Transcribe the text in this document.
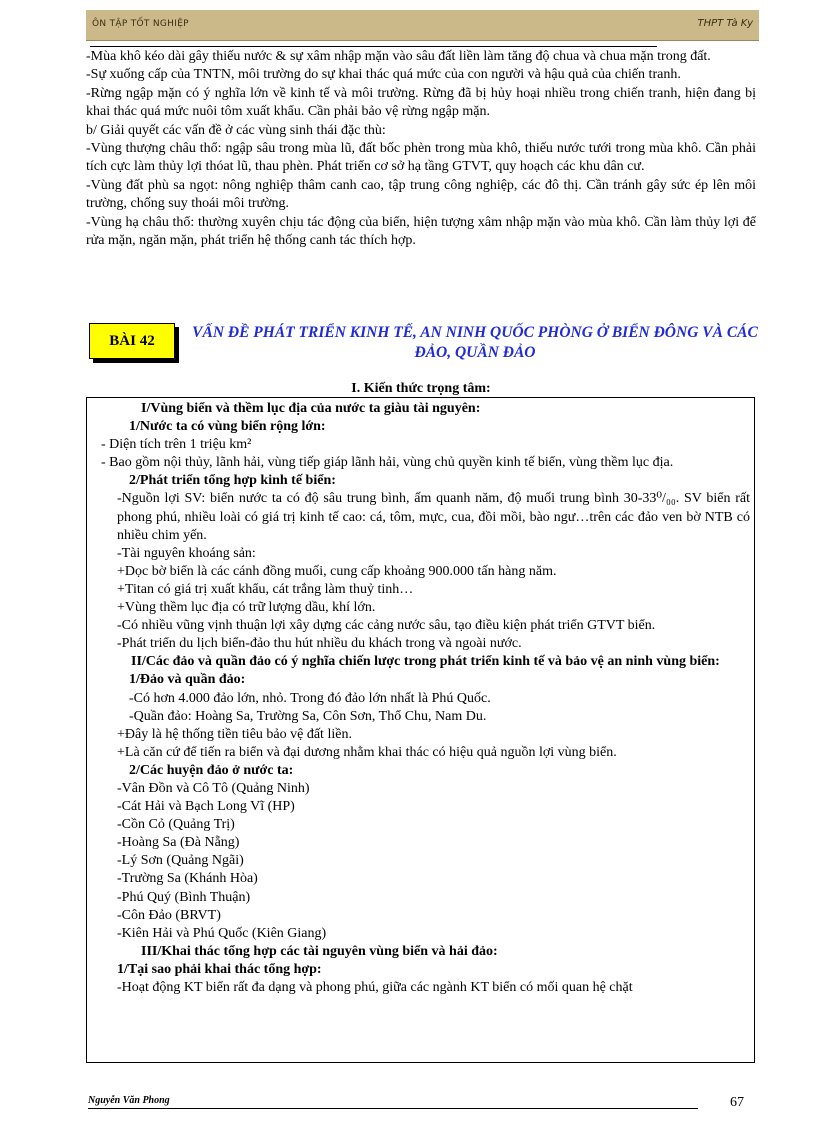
ÔN TẬP TỐT NGHIỆP	THPT Tà Ky

-Mùa khô kéo dài gây thiếu nước & sự xâm nhập mặn vào sâu đất liền làm tăng độ chua và chua mặn trong đất.

-Sự xuống cấp của TNTN, môi trường do sự khai thác quá mức của con người và hậu quả của chiến tranh.

-Rừng ngập mặn có ý nghĩa lớn về kinh tế và môi trường. Rừng đã bị hủy hoại nhiều trong chiến tranh, hiện đang bị khai thác quá mức nuôi tôm xuất khẩu. Cần phải bảo vệ rừng ngập mặn.

b/ Giải quyết các vấn đề ở các vùng sinh thái đặc thù:

-Vùng thượng châu thổ: ngập sâu trong mùa lũ, đất bốc phèn trong mùa khô, thiếu nước tưới trong mùa khô. Cần phải tích cực làm thủy lợi thóat lũ, thau phèn. Phát triển cơ sở hạ tầng GTVT, quy hoạch các khu dân cư.

-Vùng đất phù sa ngọt: nông nghiệp thâm canh cao, tập trung công nghiệp, các đô thị. Cần tránh gây sức ép lên môi trường, chống suy thoái môi trường.

-Vùng hạ châu thổ: thường xuyên chịu tác động của biển, hiện tượng xâm nhập mặn vào mùa khô. Cần làm thủy lợi để rửa mặn, ngăn mặn, phát triển hệ thống canh tác thích hợp.

BÀI 42	VẤN ĐỀ PHÁT TRIỂN KINH TẾ, AN NINH QUỐC PHÒNG Ở BIỂN ĐÔNG VÀ CÁC ĐẢO, QUẦN ĐẢO
I. Kiến thức trọng tâm:

I/Vùng biển và thềm lục địa của nước ta giàu tài nguyên:

1/Nước ta có vùng biển rộng lớn:

- Diện tích trên 1 triệu km²

- Bao gồm nội thủy, lãnh hải, vùng tiếp giáp lãnh hải, vùng chủ quyền kinh tế biển, vùng thềm lục địa.

2/Phát triển tổng hợp kinh tế biển:

-Nguồn lợi SV: biển nước ta có độ sâu trung bình, ấm quanh năm, độ muối trung bình 30-33⁰/₀₀. SV biển rất phong phú, nhiều loài có giá trị kinh tế cao: cá, tôm, mực, cua, đồi mồi, bào ngư…trên các đảo ven bờ NTB có nhiều chim yến.

-Tài nguyên khoáng sản:

+Dọc bờ biển là các cánh đồng muối, cung cấp khoảng 900.000 tấn hàng năm.

+Titan có giá trị xuất khẩu, cát trắng làm thuỷ tinh…

+Vùng thềm lục địa có trữ lượng dầu, khí lớn.

-Có nhiều vũng vịnh thuận lợi xây dựng các cảng nước sâu, tạo điều kiện phát triển GTVT biển.

-Phát triển du lịch biển-đảo thu hút nhiều du khách trong và ngoài nước.

II/Các đảo và quần đảo có ý nghĩa chiến lược trong phát triển kinh tế và bảo vệ an ninh vùng biển:

1/Đảo và quần đảo:

-Có hơn 4.000 đảo lớn, nhỏ. Trong đó đảo lớn nhất là Phú Quốc.

-Quần đảo: Hoàng Sa, Trường Sa, Côn Sơn, Thổ Chu, Nam Du.

+Đây là hệ thống tiền tiêu bảo vệ đất liền.

+Là căn cứ để tiến ra biển và đại dương nhằm khai thác có hiệu quả nguồn lợi vùng biển.

2/Các huyện đảo ở nước ta:

-Vân Đồn và Cô Tô (Quảng Ninh)

-Cát Hải và Bạch Long Vĩ (HP)

-Cồn Cỏ (Quảng Trị)

-Hoàng Sa (Đà Nẵng)

-Lý Sơn (Quảng Ngãi)

-Trường Sa (Khánh Hòa)

-Phú Quý (Bình Thuận)

-Côn Đảo (BRVT)

-Kiên Hải và Phú Quốc (Kiên Giang)

III/Khai thác tổng hợp các tài nguyên vùng biển và hải đảo:

1/Tại sao phải khai thác tổng hợp:

-Hoạt động KT biển rất đa dạng và phong phú, giữa các ngành KT biển có mối quan hệ chặt

Nguyễn Văn Phong	67
